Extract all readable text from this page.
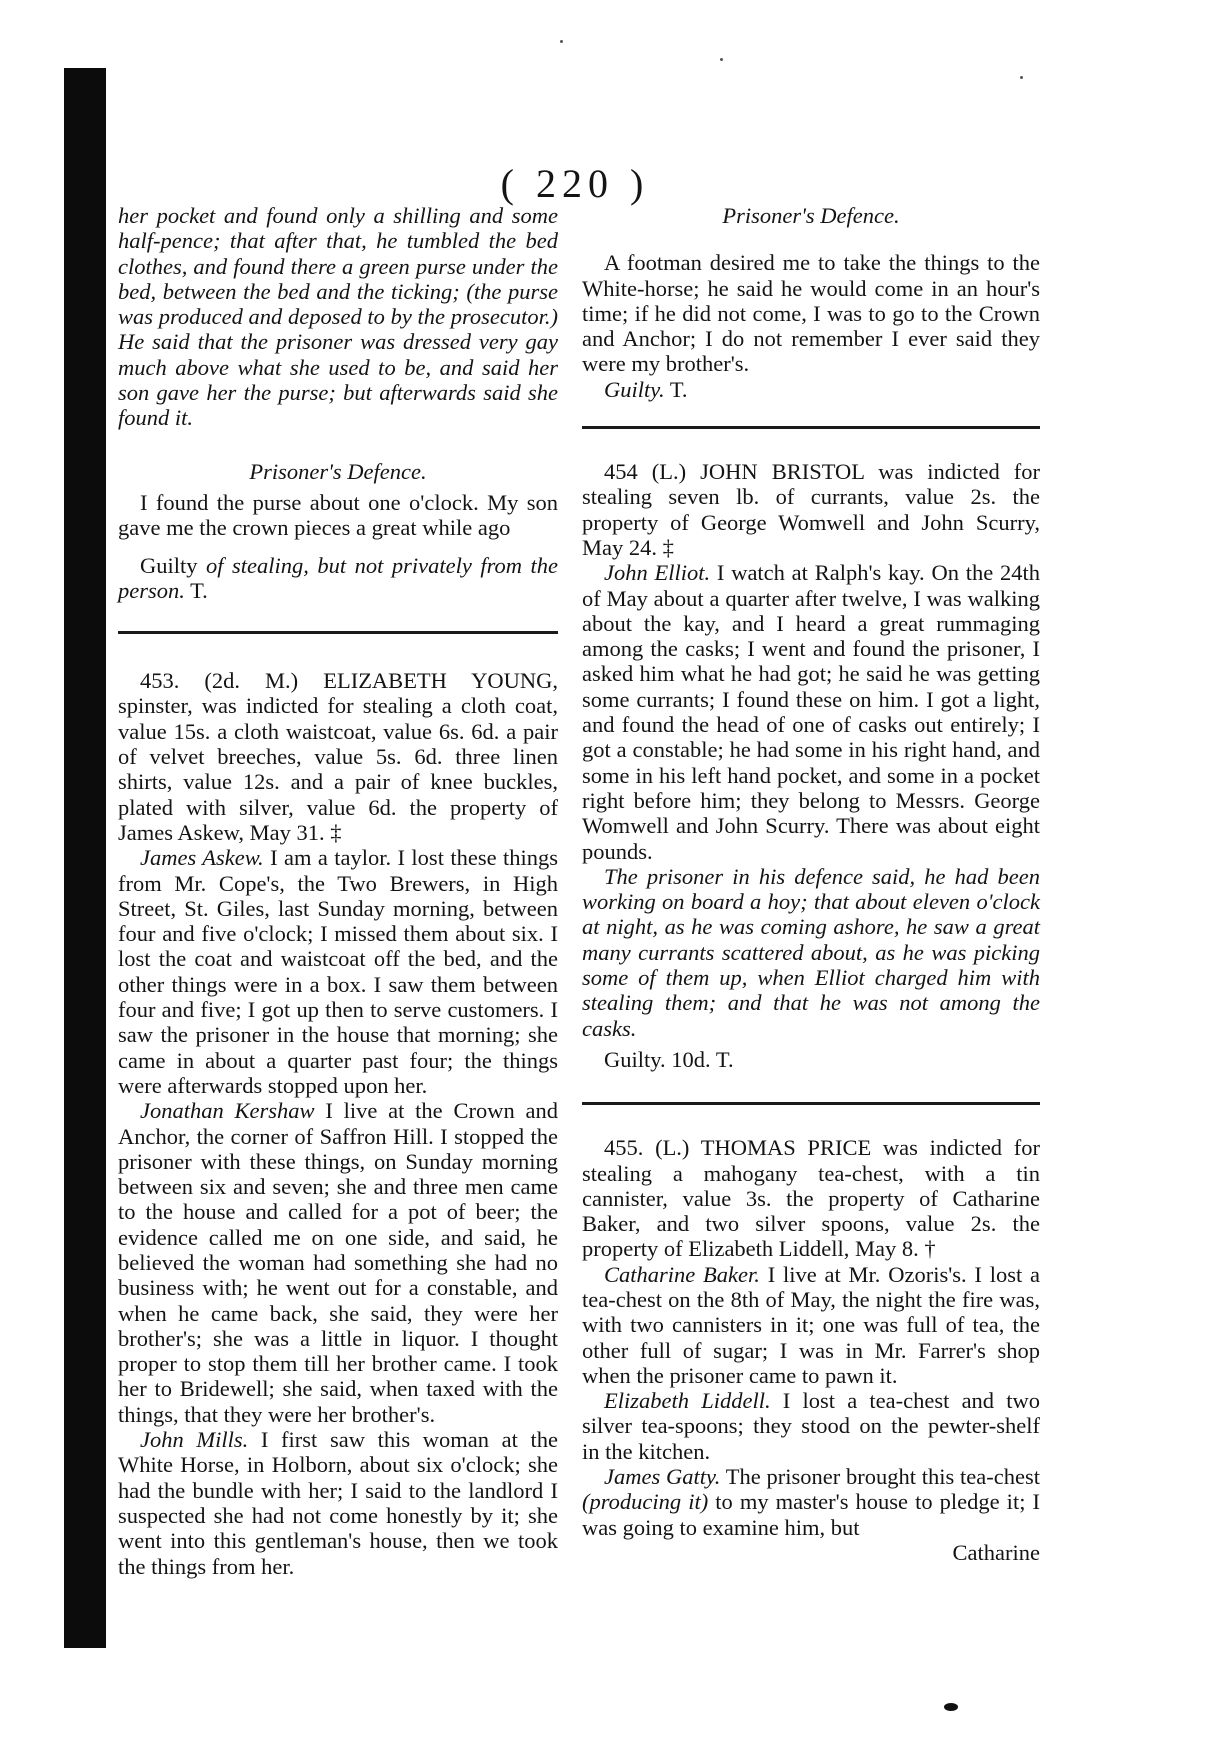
( 220 )

her pocket and found only a shilling and some half-pence; that after that, he tumbled the bed clothes, and found there a green purse under the bed, between the bed and the ticking; (the purse was produced and deposed to by the prosecutor.) He said that the prisoner was dressed very gay much above what she used to be, and said her son gave her the purse; but afterwards said she found it.

Prisoner's Defence.

I found the purse about one o'clock. My son gave me the crown pieces a great while ago

Guilty of stealing, but not privately from the person. T.

453. (2d. M.) ELIZABETH YOUNG, spinster, was indicted for stealing a cloth coat, value 15s. a cloth waistcoat, value 6s. 6d. a pair of velvet breeches, value 5s. 6d. three linen shirts, value 12s. and a pair of knee buckles, plated with silver, value 6d. the property of James Askew, May 31. ‡

James Askew. I am a taylor. I lost these things from Mr. Cope's, the Two Brewers, in High Street, St. Giles, last Sunday morning, between four and five o'clock; I missed them about six. I lost the coat and waistcoat off the bed, and the other things were in a box. I saw them between four and five; I got up then to serve customers. I saw the prisoner in the house that morning; she came in about a quarter past four; the things were afterwards stopped upon her.

Jonathan Kershaw I live at the Crown and Anchor, the corner of Saffron Hill. I stopped the prisoner with these things, on Sunday morning between six and seven; she and three men came to the house and called for a pot of beer; the evidence called me on one side, and said, he believed the woman had something she had no business with; he went out for a constable, and when he came back, she said, they were her brother's; she was a little in liquor. I thought proper to stop them till her brother came. I took her to Bridewell; she said, when taxed with the things, that they were her brother's.

John Mills. I first saw this woman at the White Horse, in Holborn, about six o'clock; she had the bundle with her; I said to the landlord I suspected she had not come honestly by it; she went into this gentleman's house, then we took the things from her.

Prisoner's Defence.

A footman desired me to take the things to the White-horse; he said he would come in an hour's time; if he did not come, I was to go to the Crown and Anchor; I do not remember I ever said they were my brother's.

Guilty. T.

454 (L.) JOHN BRISTOL was indicted for stealing seven lb. of currants, value 2s. the property of George Womwell and John Scurry, May 24. ‡

John Elliot. I watch at Ralph's kay. On the 24th of May about a quarter after twelve, I was walking about the kay, and I heard a great rummaging among the casks; I went and found the prisoner, I asked him what he had got; he said he was getting some currants; I found these on him. I got a light, and found the head of one of casks out entirely; I got a constable; he had some in his right hand, and some in his left hand pocket, and some in a pocket right before him; they belong to Messrs. George Womwell and John Scurry. There was about eight pounds.

The prisoner in his defence said, he had been working on board a hoy; that about eleven o'clock at night, as he was coming ashore, he saw a great many currants scattered about, as he was picking some of them up, when Elliot charged him with stealing them; and that he was not among the casks.

Guilty. 10d. T.

455. (L.) THOMAS PRICE was indicted for stealing a mahogany tea-chest, with a tin cannister, value 3s. the property of Catharine Baker, and two silver spoons, value 2s. the property of Elizabeth Liddell, May 8. †

Catharine Baker. I live at Mr. Ozoris's. I lost a tea-chest on the 8th of May, the night the fire was, with two cannisters in it; one was full of tea, the other full of sugar; I was in Mr. Farrer's shop when the prisoner came to pawn it.

Elizabeth Liddell. I lost a tea-chest and two silver tea-spoons; they stood on the pewter-shelf in the kitchen.

James Gatty. The prisoner brought this tea-chest (producing it) to my master's house to pledge it; I was going to examine him, but

Catharine
